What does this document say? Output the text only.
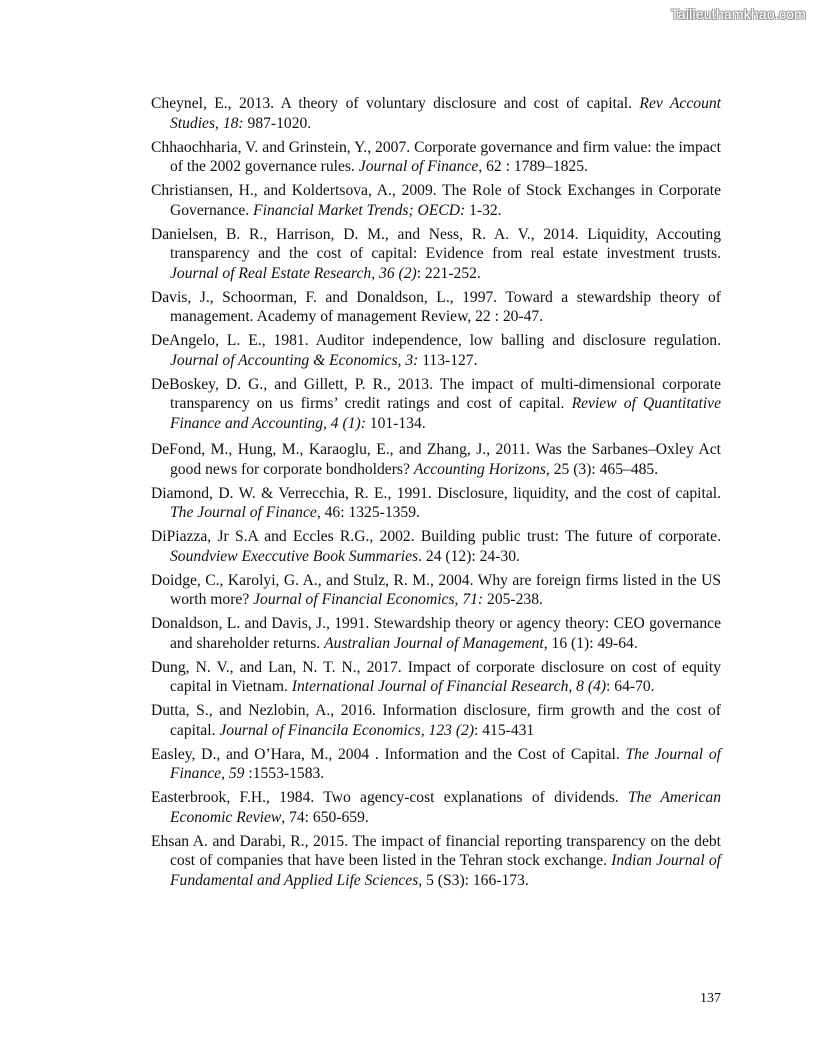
Tailieuthamkhao.com
Cheynel, E., 2013. A theory of voluntary disclosure and cost of capital. Rev Account Studies, 18: 987-1020.
Chhaochharia, V. and Grinstein, Y., 2007. Corporate governance and firm value: the impact of the 2002 governance rules. Journal of Finance, 62 : 1789–1825.
Christiansen, H., and Koldertsova, A., 2009. The Role of Stock Exchanges in Corporate Governance. Financial Market Trends; OECD: 1-32.
Danielsen, B. R., Harrison, D. M., and Ness, R. A. V., 2014. Liquidity, Accouting transparency and the cost of capital: Evidence from real estate investment trusts. Journal of Real Estate Research, 36 (2): 221-252.
Davis, J., Schoorman, F. and Donaldson, L., 1997. Toward a stewardship theory of management. Academy of management Review, 22 : 20-47.
DeAngelo, L. E., 1981. Auditor independence, low balling and disclosure regulation. Journal of Accounting & Economics, 3: 113-127.
DeBoskey, D. G., and Gillett, P. R., 2013. The impact of multi-dimensional corporate transparency on us firms’ credit ratings and cost of capital. Review of Quantitative Finance and Accounting, 4 (1): 101-134.
DeFond, M., Hung, M., Karaoglu, E., and Zhang, J., 2011. Was the Sarbanes–Oxley Act good news for corporate bondholders? Accounting Horizons, 25 (3): 465–485.
Diamond, D. W. & Verrecchia, R. E., 1991. Disclosure, liquidity, and the cost of capital. The Journal of Finance, 46: 1325-1359.
DiPiazza, Jr S.A and Eccles R.G., 2002. Building public trust: The future of corporate. Soundview Execcutive Book Summaries. 24 (12): 24-30.
Doidge, C., Karolyi, G. A., and Stulz, R. M., 2004. Why are foreign firms listed in the US worth more? Journal of Financial Economics, 71: 205-238.
Donaldson, L. and Davis, J., 1991. Stewardship theory or agency theory: CEO governance and shareholder returns. Australian Journal of Management, 16 (1): 49-64.
Dung, N. V., and Lan, N. T. N., 2017. Impact of corporate disclosure on cost of equity capital in Vietnam. International Journal of Financial Research, 8 (4): 64-70.
Dutta, S., and Nezlobin, A., 2016. Information disclosure, firm growth and the cost of capital. Journal of Financila Economics, 123 (2): 415-431
Easley, D., and O’Hara, M., 2004 . Information and the Cost of Capital. The Journal of Finance, 59 :1553-1583.
Easterbrook, F.H., 1984. Two agency-cost explanations of dividends. The American Economic Review, 74: 650-659.
Ehsan A. and Darabi, R., 2015. The impact of financial reporting transparency on the debt cost of companies that have been listed in the Tehran stock exchange. Indian Journal of Fundamental and Applied Life Sciences, 5 (S3): 166-173.
137
